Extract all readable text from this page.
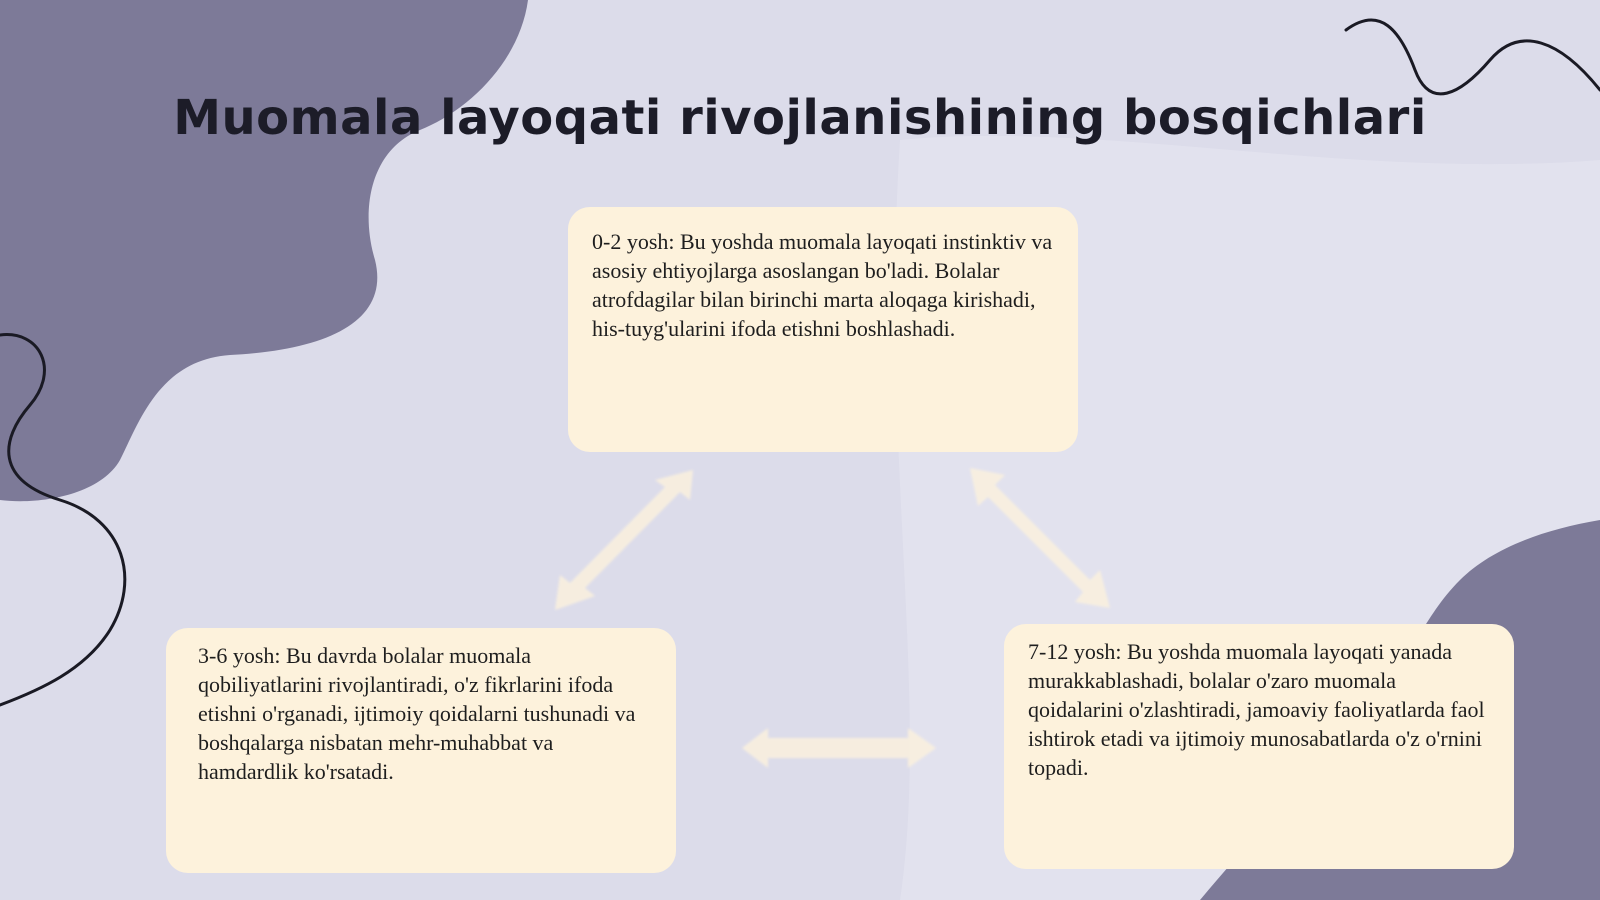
Muomala layoqati rivojlanishining bosqichlari
0-2 yosh: Bu yoshda muomala layoqati instinktiv va asosiy ehtiyojlarga asoslangan bo'ladi. Bolalar atrofdagilar bilan birinchi marta aloqaga kirishadi, his-tuyg'ularini ifoda etishni boshlashadi.
3-6 yosh: Bu davrda bolalar muomala qobiliyatlarini rivojlantiradi, o'z fikrlarini ifoda etishni o'rganadi, ijtimoiy qoidalarni tushunadi va boshqalarga nisbatan mehr-muhabbat va hamdardlik ko'rsatadi.
7-12 yosh: Bu yoshda muomala layoqati yanada murakkablashadi, bolalar o'zaro muomala qoidalarini o'zlashtiradi, jamoaviy faoliyatlarda faol ishtirok etadi va ijtimoiy munosabatlarda o'z o'rnini topadi.
